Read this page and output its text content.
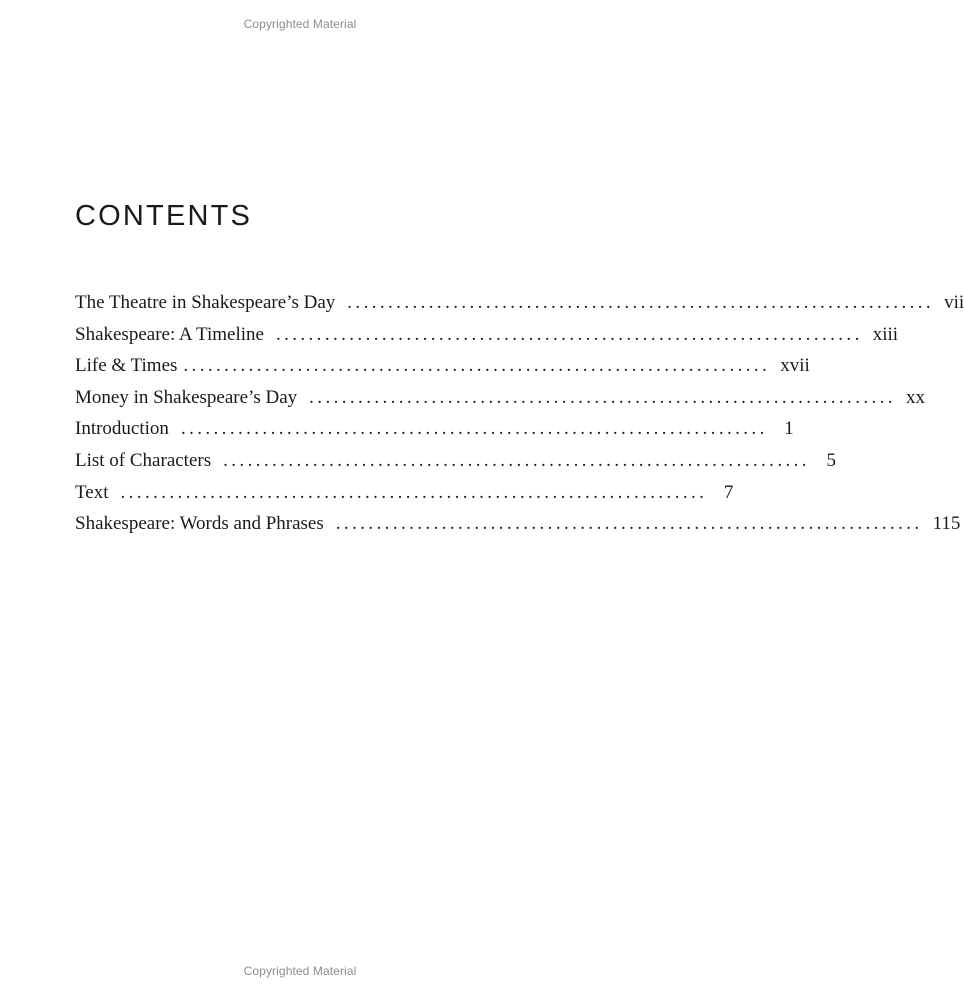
Copyrighted Material
CONTENTS
The Theatre in Shakespeare’s Day ........................................................................ vii
Shakespeare: A Timeline ........................................................................ xiii
Life & Times ........................................................................ xvii
Money in Shakespeare’s Day ........................................................................ xx
Introduction ........................................................................ 1
List of Characters ........................................................................ 5
Text ........................................................................ 7
Shakespeare: Words and Phrases ........................................................................ 115
Copyrighted Material
